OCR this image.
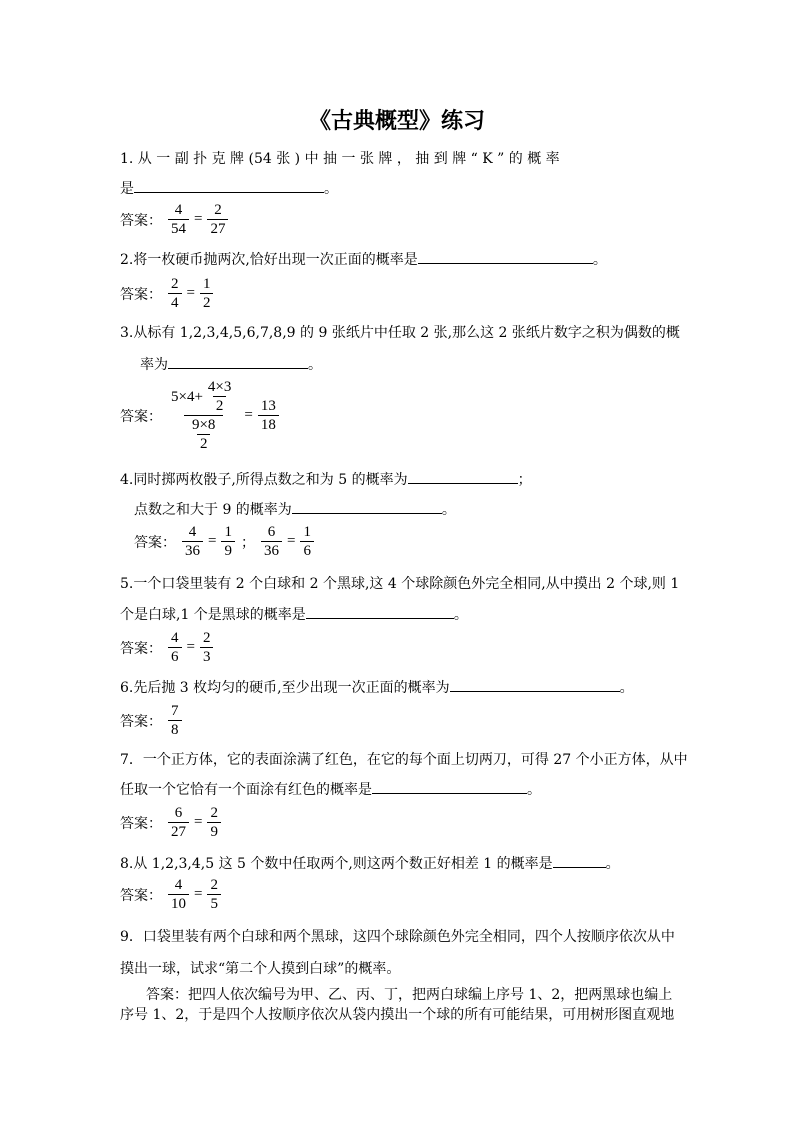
《古典概型》练习
1. 从 一 副 扑 克 牌 (54 张 ) 中 抽 一 张 牌 ， 抽 到 牌 “ K ” 的 概 率
是	。
答案： $\frac{4}{54} = \frac{2}{27}$
2.将一枚硬币抛两次,恰好出现一次正面的概率是	。
答案： $\frac{2}{4} = \frac{1}{2}$
3.从标有 1,2,3,4,5,6,7,8,9 的 9 张纸片中任取 2 张,那么这 2 张纸片数字之积为偶数的概
率为	。
答案： $\frac{5\times 4+ \frac{4\times 3}{2}}{\frac{9\times 8}{2}} = \frac{13}{18}$
4.同时掷两枚骰子,所得点数之和为 5 的概率为	；
点数之和大于 9 的概率为	。
答案： $\frac{4}{36} = \frac{1}{9}$ ； $\frac{6}{36} = \frac{1}{6}$
5.一个口袋里装有 2 个白球和 2 个黑球,这 4 个球除颜色外完全相同,从中摸出 2 个球,则 1
个是白球,1 个是黑球的概率是	。
答案： $\frac{4}{6} = \frac{2}{3}$
6.先后抛 3 枚均匀的硬币,至少出现一次正面的概率为	。
答案： $\frac{7}{8}$
7．一个正方体，它的表面涂满了红色，在它的每个面上切两刀，可得 27 个小正方体，从中
任取一个它恰有一个面涂有红色的概率是	。
答案： $\frac{6}{27} = \frac{2}{9}$
8.从 1,2,3,4,5 这 5 个数中任取两个,则这两个数正好相差 1 的概率是	。
答案： $\frac{4}{10} = \frac{2}{5}$
9．口袋里装有两个白球和两个黑球，这四个球除颜色外完全相同，四个人按顺序依次从中
摸出一球，试求“第二个人摸到白球”的概率。
答案：把四人依次编号为甲、乙、丙、丁，把两白球编上序号 1、2，把两黑球也编上
序号 1、2，于是四个人按顺序依次从袋内摸出一个球的所有可能结果，可用树形图直观地
